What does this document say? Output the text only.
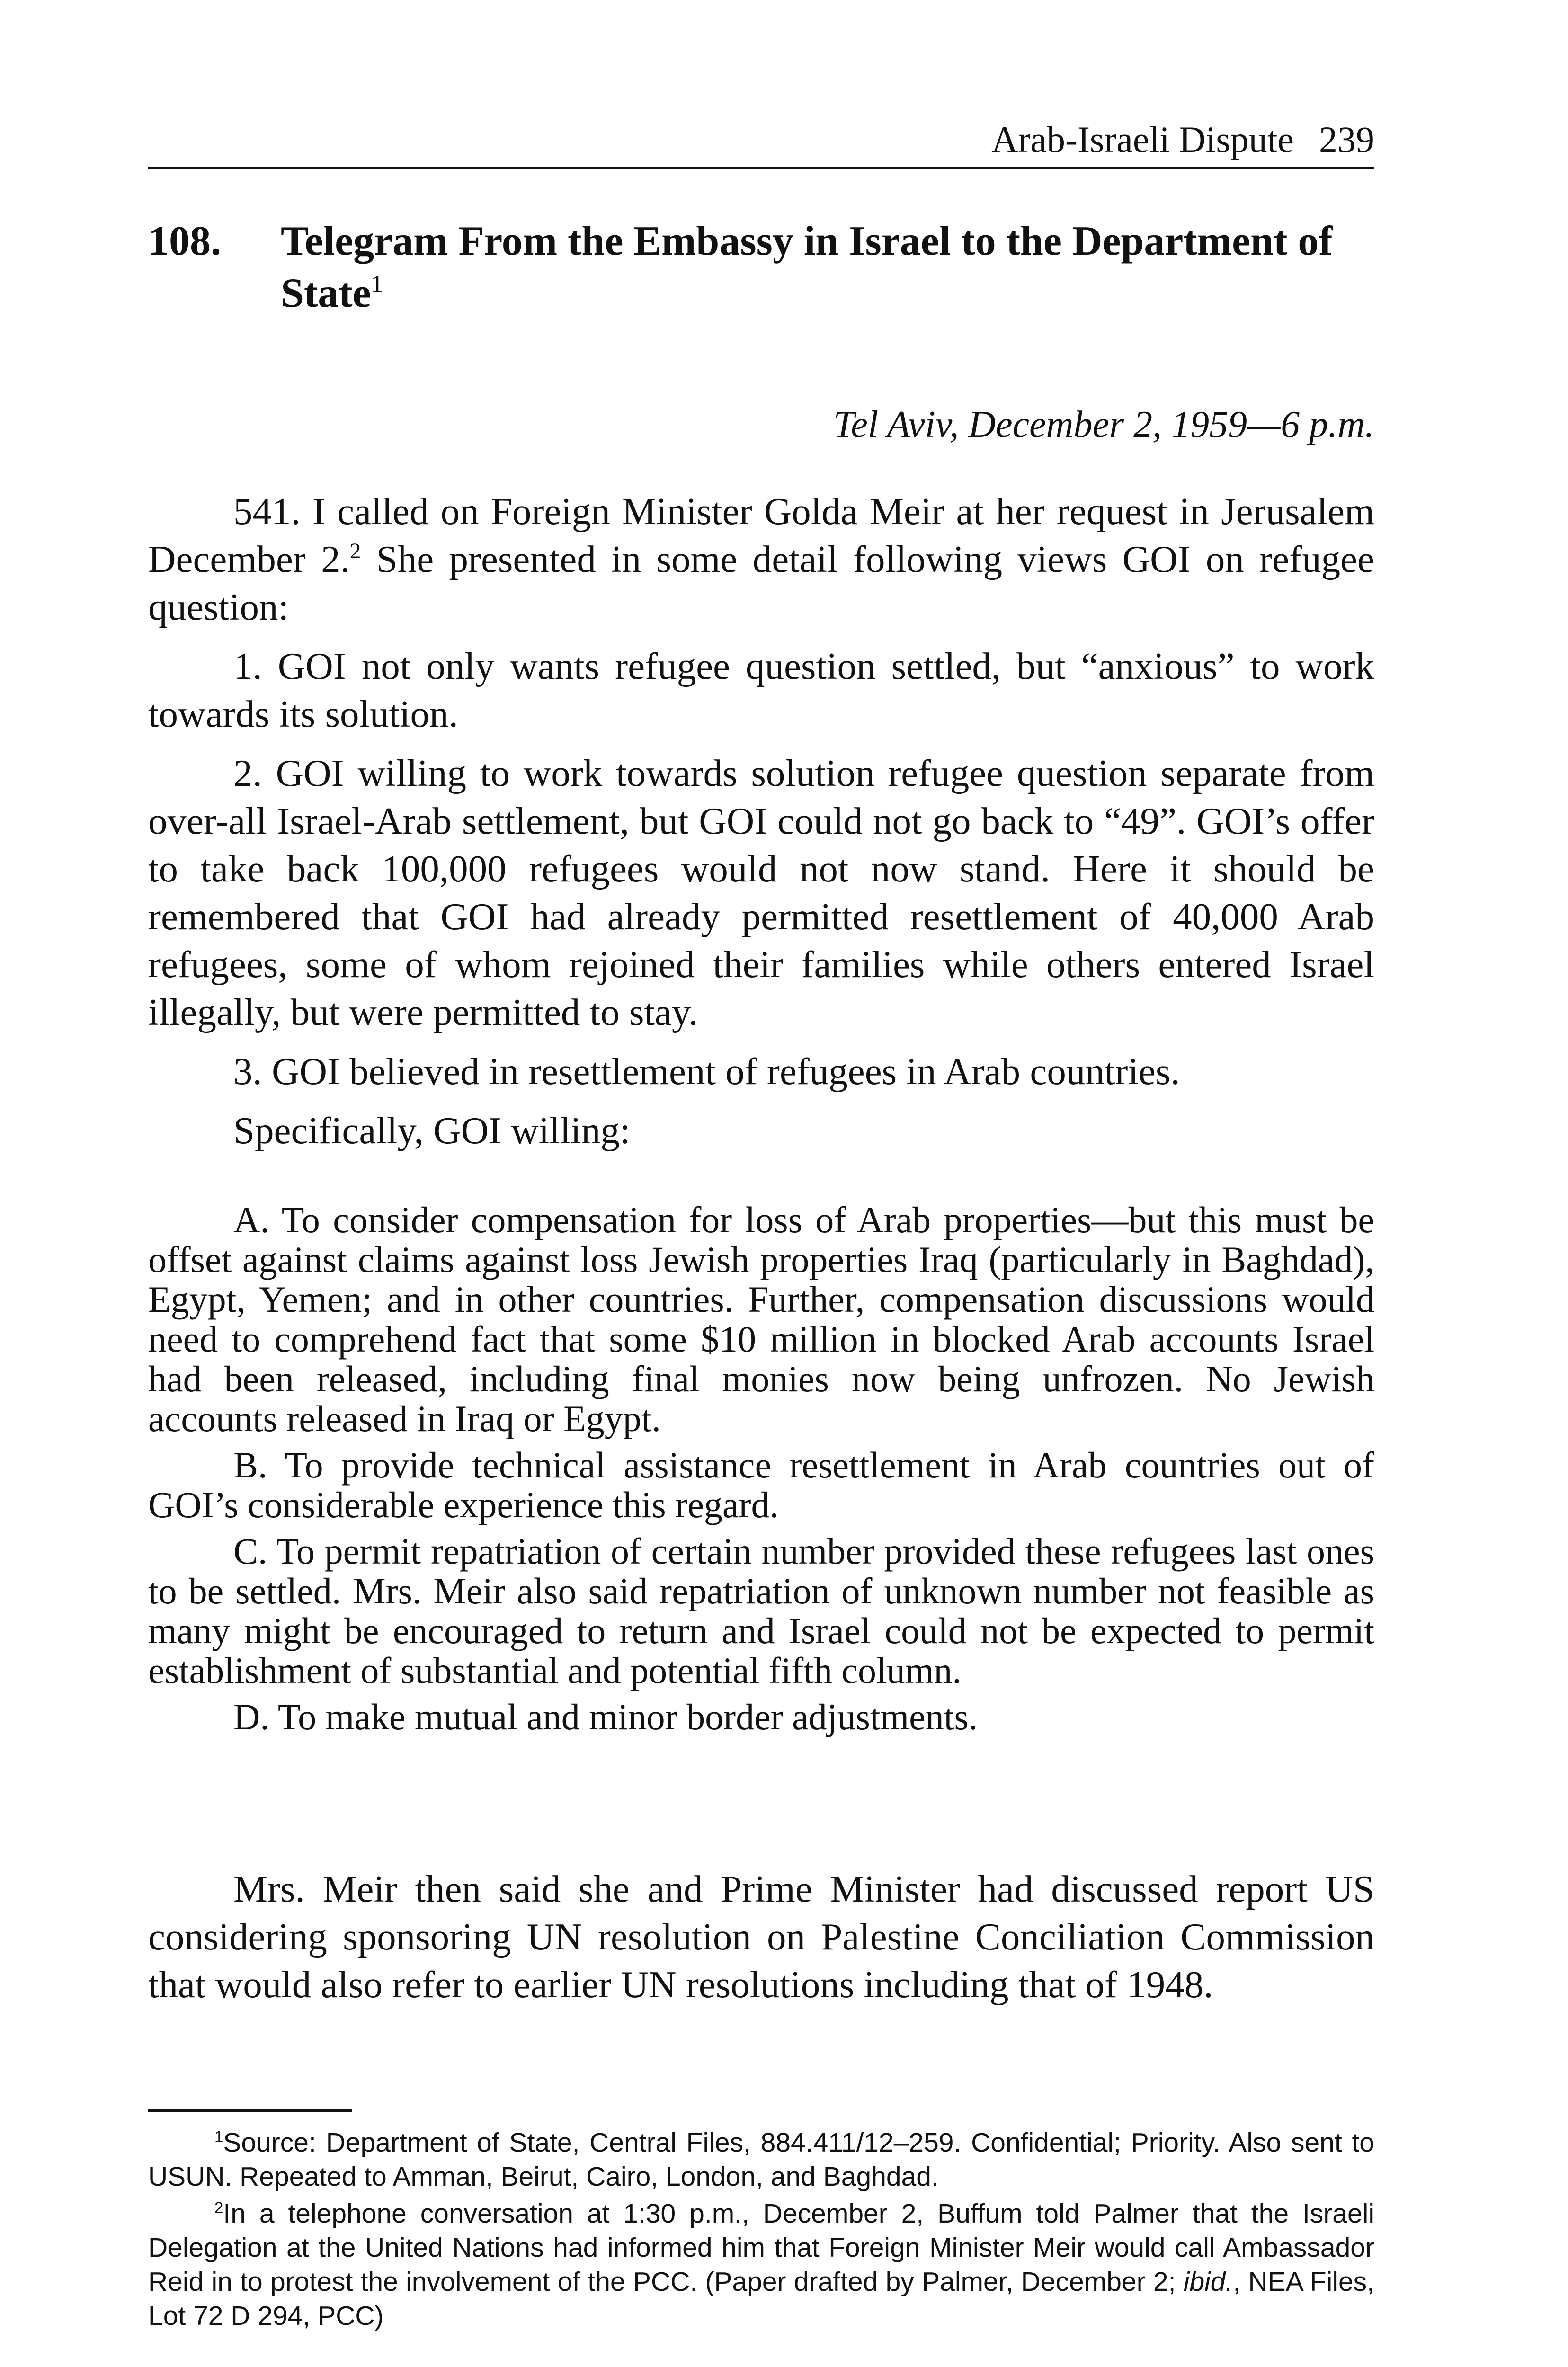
Arab-Israeli Dispute 239
108. Telegram From the Embassy in Israel to the Department of State$^1$
Tel Aviv, December 2, 1959—6 p.m.

541. I called on Foreign Minister Golda Meir at her request in Jerusalem December 2.$^2$ She presented in some detail following views GOI on refugee question:

1. GOI not only wants refugee question settled, but “anxious” to work towards its solution.

2. GOI willing to work towards solution refugee question separate from over-all Israel-Arab settlement, but GOI could not go back to “49”. GOI’s offer to take back 100,000 refugees would not now stand. Here it should be remembered that GOI had already permitted resettlement of 40,000 Arab refugees, some of whom rejoined their families while others entered Israel illegally, but were permitted to stay.

3. GOI believed in resettlement of refugees in Arab countries.

Specifically, GOI willing:

A. To consider compensation for loss of Arab properties—but this must be offset against claims against loss Jewish properties Iraq (particularly in Baghdad), Egypt, Yemen; and in other countries. Further, compensation discussions would need to comprehend fact that some $10 million in blocked Arab accounts Israel had been released, including final monies now being unfrozen. No Jewish accounts released in Iraq or Egypt.

B. To provide technical assistance resettlement in Arab countries out of GOI’s considerable experience this regard.

C. To permit repatriation of certain number provided these refugees last ones to be settled. Mrs. Meir also said repatriation of unknown number not feasible as many might be encouraged to return and Israel could not be expected to permit establishment of substantial and potential fifth column.

D. To make mutual and minor border adjustments.

Mrs. Meir then said she and Prime Minister had discussed report US considering sponsoring UN resolution on Palestine Conciliation Commission that would also refer to earlier UN resolutions including that of 1948.

$^1$Source: Department of State, Central Files, 884.411/12–259. Confidential; Priority. Also sent to USUN. Repeated to Amman, Beirut, Cairo, London, and Baghdad.

$^2$In a telephone conversation at 1:30 p.m., December 2, Buffum told Palmer that the Israeli Delegation at the United Nations had informed him that Foreign Minister Meir would call Ambassador Reid in to protest the involvement of the PCC. (Paper drafted by Palmer, December 2; ibid., NEA Files, Lot 72 D 294, PCC)
